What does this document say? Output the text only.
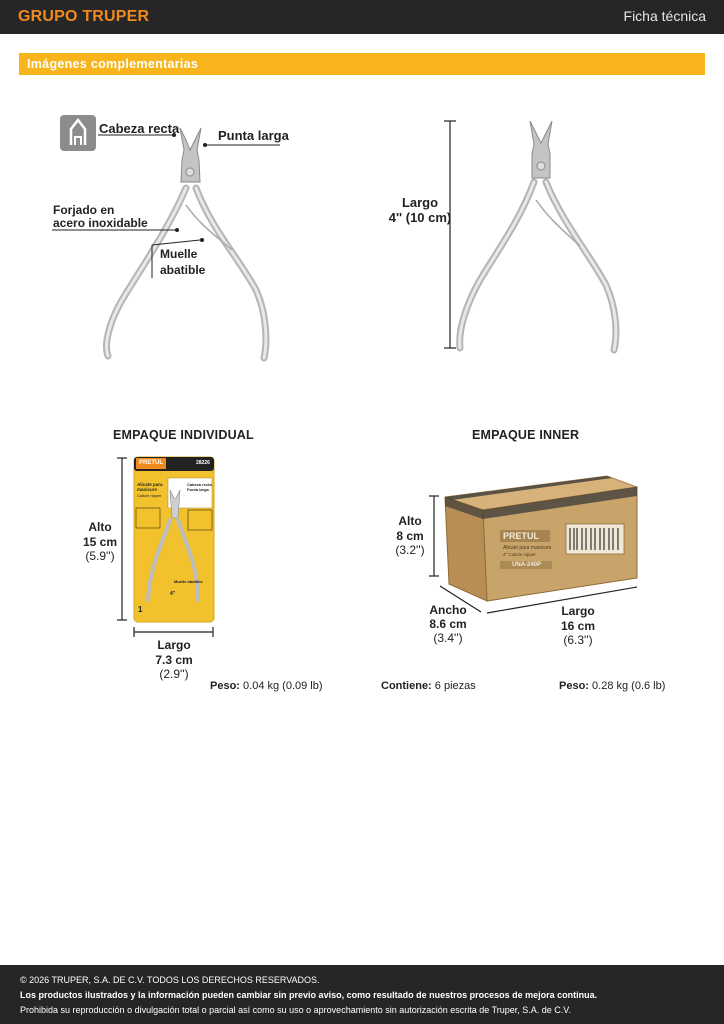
GRUPO TRUPER	Ficha técnica
Imágenes complementarias
Cabeza recta	Punta larga
Forjado en
acero inoxidable
Muelle
abatible
Largo
4'' (10 cm)
EMPAQUE INDIVIDUAL
PRETUL	28226
Alicate para
manicure
Cuticle nipper
Cabeza recta
Punta larga
4"
Muelle abatible
1
Alto
15 cm
(5.9'')
Largo
7.3 cm
(2.9'')
Peso: 0.04 kg (0.09 lb)
EMPAQUE INNER
PRETUL
Alicate para manicure
4" Cuticle nipper
UNA-240P
Alto
8 cm
(3.2'')
Ancho
8.6 cm
(3.4'')
Largo
16 cm
(6.3'')
Contiene: 6 piezas	Peso: 0.28 kg (0.6 lb)
© 2026 TRUPER, S.A. DE C.V. TODOS LOS DERECHOS RESERVADOS.
Los productos ilustrados y la información pueden cambiar sin previo aviso, como resultado de nuestros procesos de mejora continua.
Prohibida su reproducción o divulgación total o parcial así como su uso o aprovechamiento sin autorización escrita de Truper, S.A. de C.V.
